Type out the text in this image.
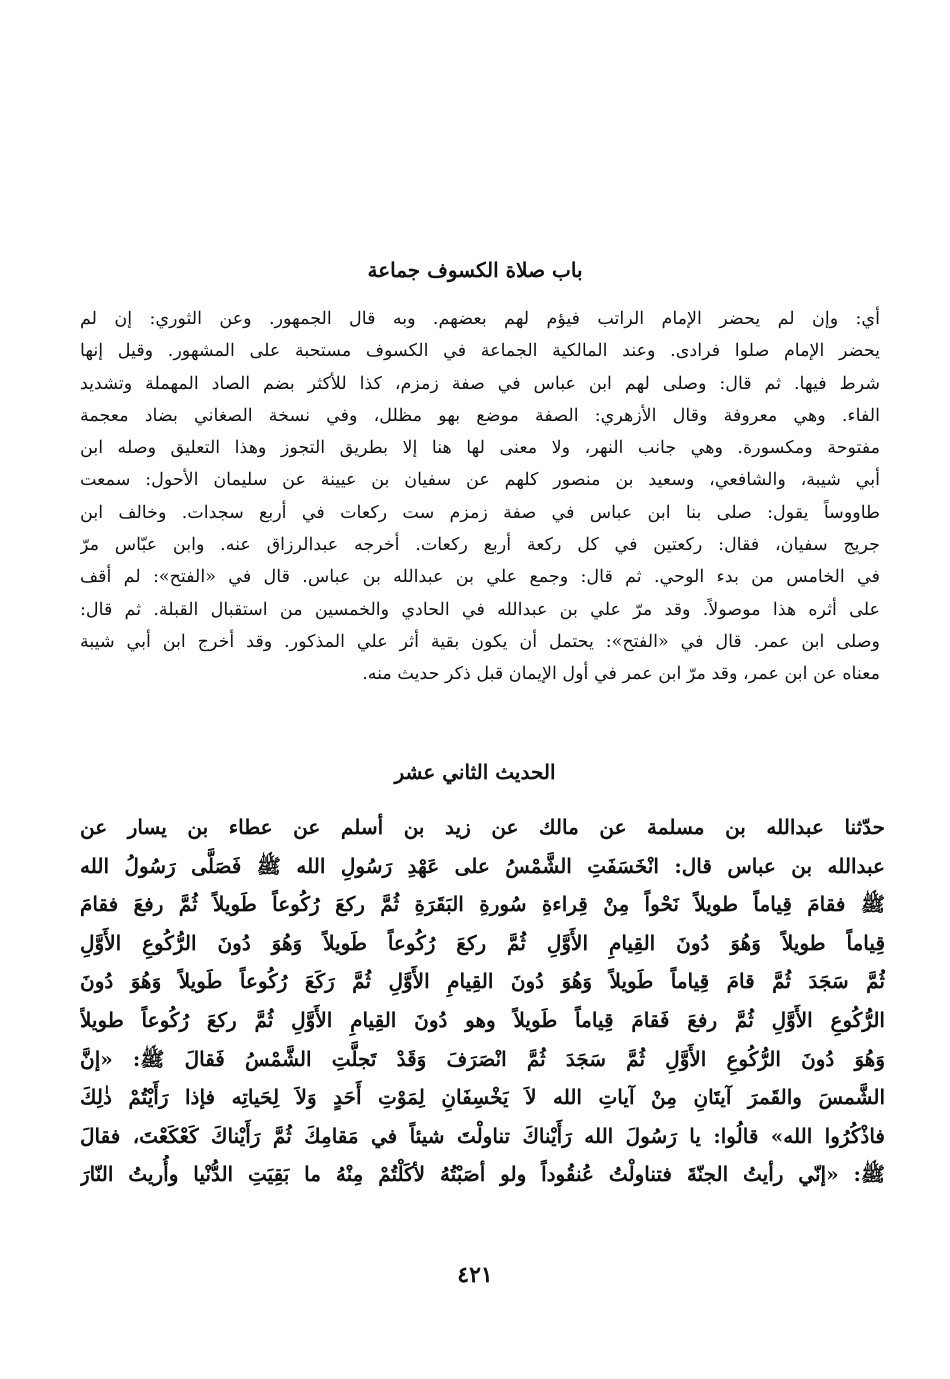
باب صلاة الكسوف جماعة
أي: وإن لم يحضر الإمام الراتب فيؤم لهم بعضهم. وبه قال الجمهور. وعن الثوري: إن لم
يحضر الإمام صلوا فرادى. وعند المالكية الجماعة في الكسوف مستحبة على المشهور. وقيل إنها
شرط فيها. ثم قال: وصلى لهم ابن عباس في صفة زمزم، كذا للأكثر بضم الصاد المهملة وتشديد
الفاء. وهي معروفة وقال الأزهري: الصفة موضع بهو مظلل، وفي نسخة الصغاني بضاد معجمة
مفتوحة ومكسورة. وهي جانب النهر، ولا معنى لها هنا إلا بطريق التجوز وهذا التعليق وصله ابن
أبي شيبة، والشافعي، وسعيد بن منصور كلهم عن سفيان بن عيينة عن سليمان الأحول: سمعت
طاووساً يقول: صلى بنا ابن عباس في صفة زمزم ست ركعات في أربع سجدات. وخالف ابن
جريج سفيان، فقال: ركعتين في كل ركعة أربع ركعات. أخرجه عبدالرزاق عنه. وابن عبّاس مرّ
في الخامس من بدء الوحي. ثم قال: وجمع علي بن عبدالله بن عباس. قال في «الفتح»: لم أقف
على أثره هذا موصولاً. وقد مرّ علي بن عبدالله في الحادي والخمسين من استقبال القبلة. ثم قال:
وصلى ابن عمر. قال في «الفتح»: يحتمل أن يكون بقية أثر علي المذكور. وقد أخرج ابن أبي شيبة
معناه عن ابن عمر، وقد مرّ ابن عمر في أول الإيمان قبل ذكر حديث منه.
الحديث الثاني عشر
حدّثنا عبدالله بن مسلمة عن مالك عن زيد بن أسلم عن عطاء بن يسار عن
عبدالله بن عباس قال: انْخَسَفَتِ الشَّمْسُ على عَهْدِ رَسُولِ الله ﷺ فَصَلَّى رَسُولُ الله
ﷺ فقامَ قِياماً طويلاً نَحْواً مِنْ قِراءةِ سُورةِ البَقَرَةِ ثُمَّ ركعَ رُكُوعاً طَويلاً ثُمَّ رفعَ فقامَ
قِياماً طويلاً وَهُوَ دُونَ القِيامِ الأَوَّلِ ثُمَّ ركعَ رُكُوعاً طَويلاً وَهُوَ دُونَ الرُّكُوعِ الأَوَّلِ
ثُمَّ سَجَدَ ثُمَّ قامَ قِياماً طَويلاً وَهُوَ دُونَ القِيامِ الأَوَّلِ ثُمَّ رَكَعَ رُكُوعاً طَويلاً وَهُوَ دُونَ
الرُّكُوعِ الأَوَّلِ ثُمَّ رفعَ فَقامَ قِياماً طَويلاً وهو دُونَ القِيامِ الأَوَّلِ ثُمَّ ركعَ رُكُوعاً طويلاً
وَهُوَ دُونَ الرُّكُوعِ الأَوَّلِ ثُمَّ سَجَدَ ثُمَّ انْصَرَفَ وَقَدْ تَجلَّتِ الشَّمْسُ فَقالَ ﷺ: «إنَّ
الشَّمسَ والقَمرَ آيتَانِ مِنْ آياتِ الله لاَ يَخْسِفَانِ لِمَوْتِ أَحَدٍ وَلاَ لِحَياتِه فإذا رَأَيْتُمْ ذٰلِكَ
فاذْكُرُوا الله» قالُوا: يا رَسُولَ الله رَأَيْناكَ تناولْتَ شيئاً في مَقامِكَ ثُمَّ رَأَيْناكَ كَعْكَعْتَ، فقالَ
ﷺ: «إنّي رأيتُ الجنّةَ فتناولْتُ عُنقُوداً ولو أصَبْتُهُ لأكَلْتُمْ مِنْهُ ما بَقِيَتِ الدُّنْيا وأُريتُ النّارَ
٤٢١
